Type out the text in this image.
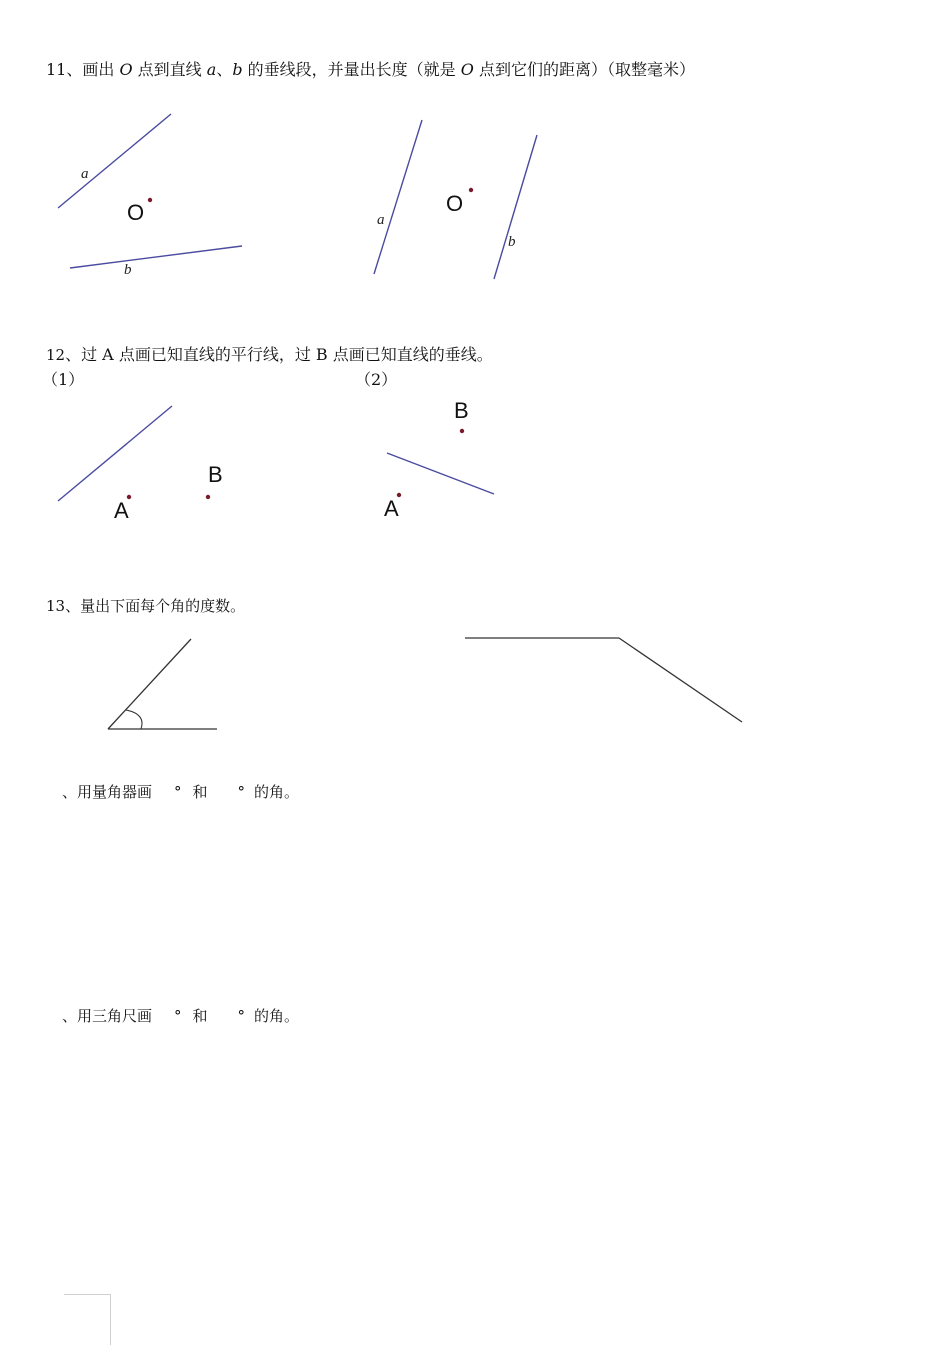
11、画出 O 点到直线 a、b 的垂线段，并量出长度（就是 O 点到它们的距离）（取整毫米）
O
a
b
O
a
b
A
B
A
B
12、过 A 点画已知直线的平行线，过 B 点画已知直线的垂线。
（1）	（2）
13、量出下面每个角的度数。
、用量角器画 ° 和 ° 的角。
、用三角尺画 ° 和 ° 的角。
